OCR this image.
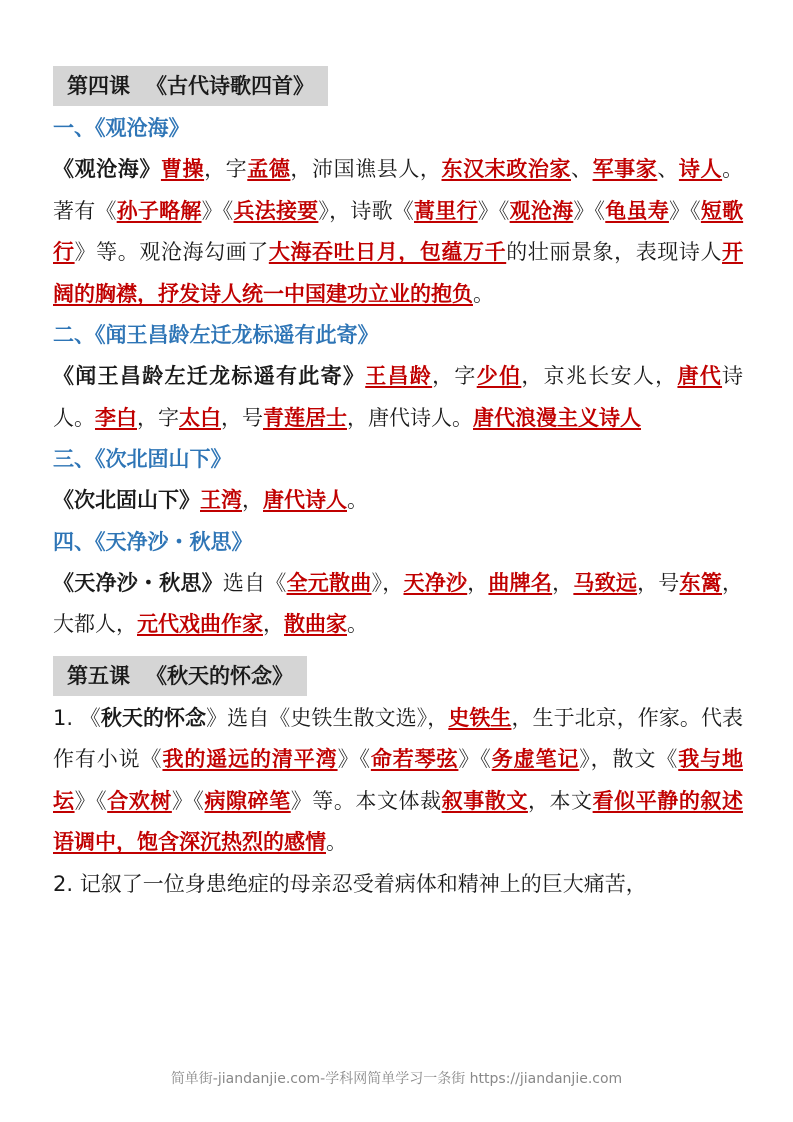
第四课 《古代诗歌四首》

一、《观沧海》

《观沧海》曹操，字孟德，沛国谯县人，东汉末政治家、军事家、诗人。著有《孙子略解》《兵法接要》，诗歌《蒿里行》《观沧海》《龟虽寿》《短歌行》等。观沧海勾画了大海吞吐日月，包蕴万千的壮丽景象，表现诗人开阔的胸襟，抒发诗人统一中国建功立业的抱负。

二、《闻王昌龄左迁龙标遥有此寄》

《闻王昌龄左迁龙标遥有此寄》王昌龄，字少伯，京兆长安人，唐代诗人。李白，字太白，号青莲居士，唐代诗人。唐代浪漫主义诗人

三、《次北固山下》

《次北固山下》王湾，唐代诗人。

四、《天净沙・秋思》

《天净沙・秋思》选自《全元散曲》，天净沙，曲牌名，马致远，号东篱，大都人，元代戏曲作家，散曲家。

第五课 《秋天的怀念》

1. 《秋天的怀念》选自《史铁生散文选》，史铁生，生于北京，作家。代表作有小说《我的遥远的清平湾》《命若琴弦》《务虚笔记》，散文《我与地坛》《合欢树》《病隙碎笔》等。本文体裁叙事散文，本文看似平静的叙述语调中，饱含深沉热烈的感情。

2. 记叙了一位身患绝症的母亲忍受着病体和精神上的巨大痛苦，

简单街-jiandanjie.com-学科网简单学习一条街 https://jiandanjie.com
